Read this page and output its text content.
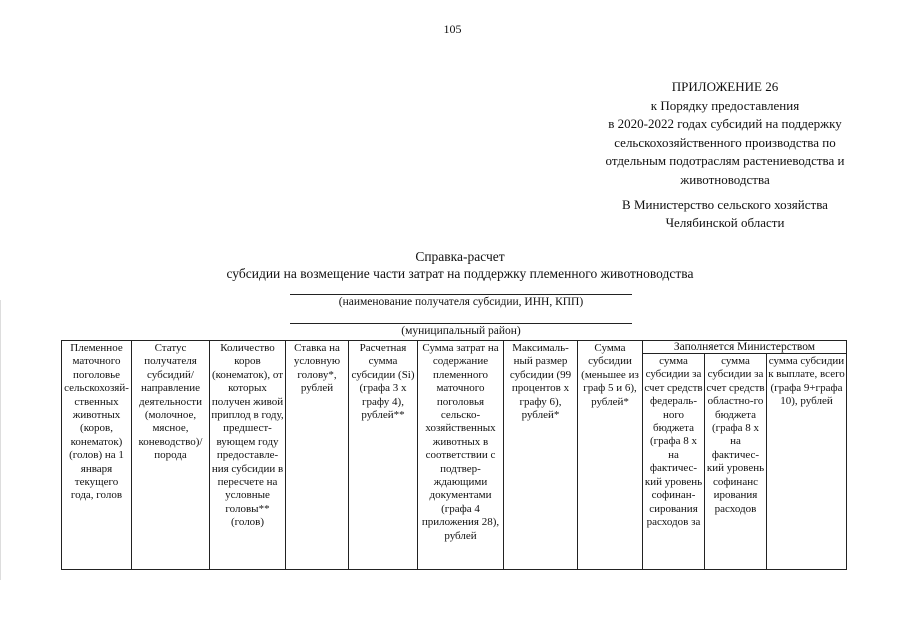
105
ПРИЛОЖЕНИЕ 26
к Порядку предоставления
в 2020-2022 годах субсидий на поддержку
сельскохозяйственного производства по
отдельным подотраслям растениеводства и
животноводства
В Министерство сельского хозяйства
Челябинской области
Справка-расчет
субсидии на возмещение части затрат на поддержку племенного животноводства
(наименование получателя субсидии, ИНН, КПП)
(муниципальный район)
Племенное маточного поголовье сельскохозяй-ственных животных (коров, конематок) (голов) на 1 января текущего года, голов	Статус получателя субсидий/ направление деятельности (молочное, мясное, коневодство)/ порода	Количество коров (конематок), от которых получен живой приплод в году, предшест-вующем году предоставле-ния субсидии в пересчете на условные головы** (голов)	Ставка на условную голову*, рублей	Расчетная сумма субсидии (Si) (графа 3 х графу 4), рублей**	Сумма затрат на содержание племенного маточного поголовья сельско-хозяйственных животных в соответствии с подтвер-ждающими документами (графа 4 приложения 28), рублей	Максималь-ный размер субсидии (99 процентов х графу 6), рублей*	Сумма субсидии (меньшее из граф 5 и 6), рублей*	Заполняется Министерством		
								сумма субсидии за счет средств федераль-ного бюджета (графа 8 х на фактичес-кий уровень софинан-сирования расходов за	сумма субсидии за счет средств областно-го бюджета (графа 8 х на фактичес-кий уровень софинанс ирования расходов	сумма субсидии к выплате, всего (графа 9+графа 10), рублей
